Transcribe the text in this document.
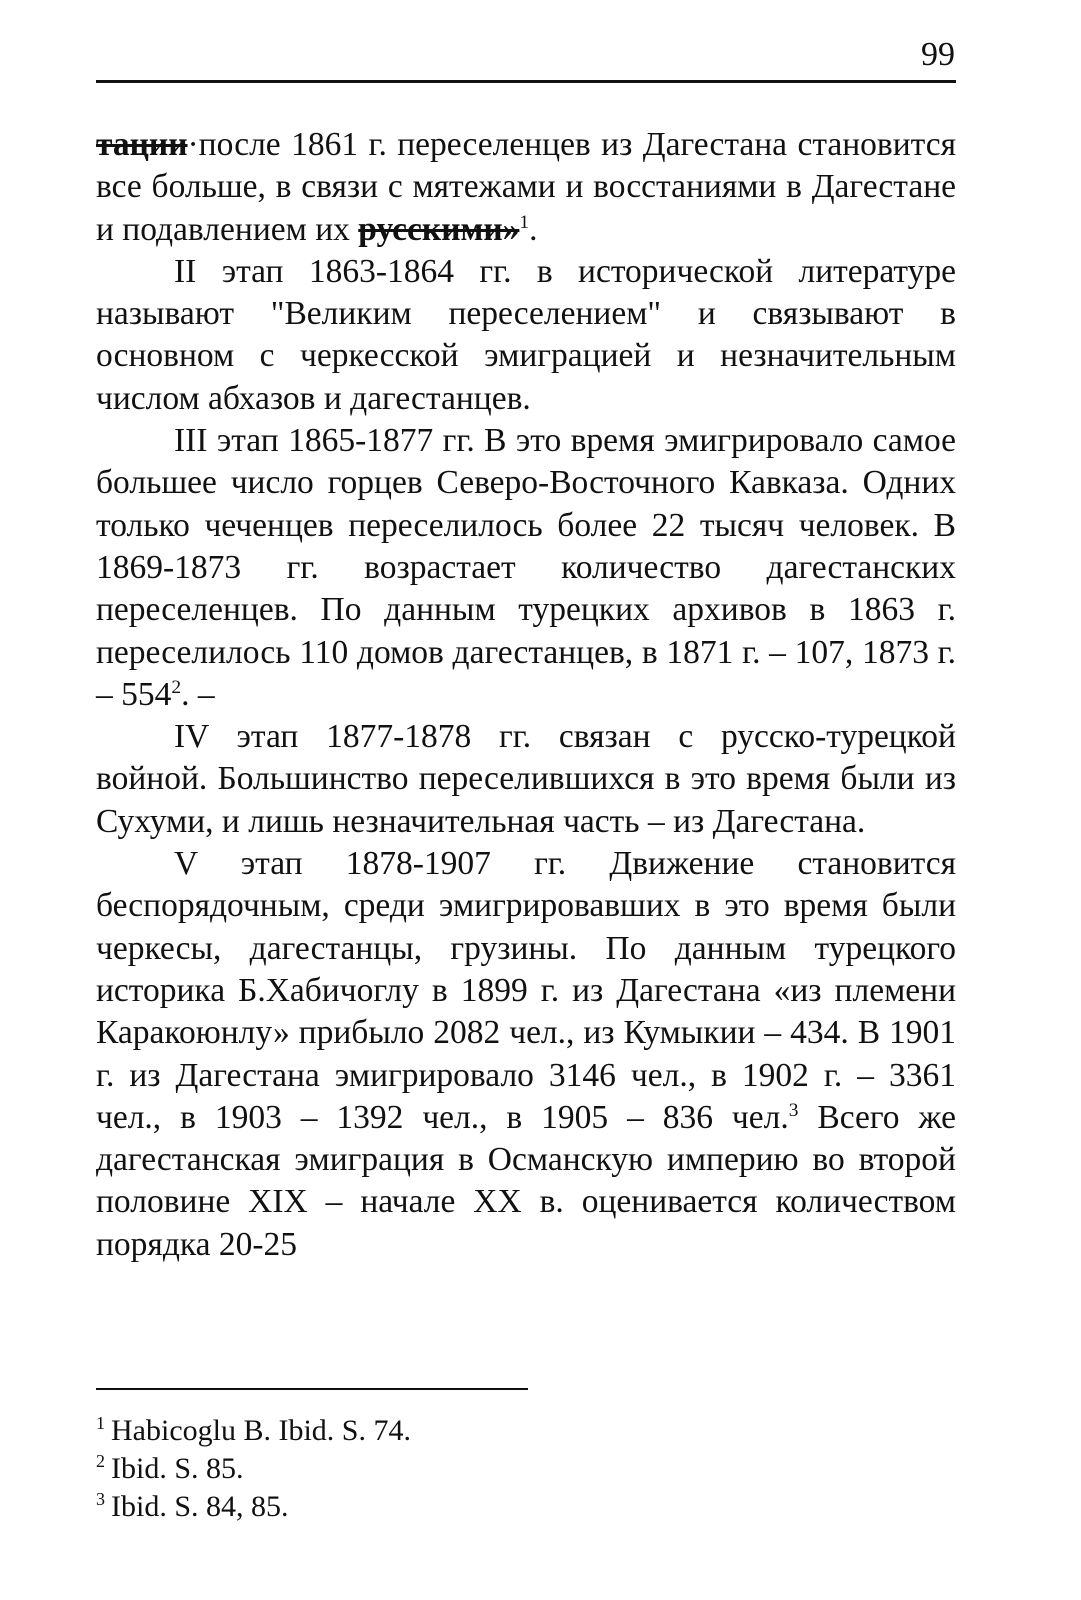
99

тации·после 1861 г. переселенцев из Дагестана становится все больше, в связи с мятежами и восстаниями в Дагестане и подавлением их русскими»$^1$.

II этап 1863-1864 гг. в исторической литературе называют "Великим переселением" и связывают в основном с черкесской эмиграцией и незначительным числом абхазов и дагестанцев.

III этап 1865-1877 гг. В это время эмигрировало самое большее число горцев Северо-Восточного Кавказа. Одних только чеченцев переселилось более 22 тысяч человек. В 1869-1873 гг. возрастает количество дагестанских переселенцев. По данным турецких архивов в 1863 г. переселилось 110 домов дагестанцев, в 1871 г. – 107, 1873 г. – $554^2$. –

IV этап 1877-1878 гг. связан с русско-турецкой войной. Большинство переселившихся в это время были из Сухуми, и лишь незначительная часть – из Дагестана.

V этап 1878-1907 гг. Движение становится беспорядочным, среди эмигрировавших в это время были черкесы, дагестанцы, грузины. По данным турецкого историка Б.Хабичоглу в 1899 г. из Дагестана «из племени Каракоюнлу» прибыло 2082 чел., из Кумыкии – 434. В 1901 г. из Дагестана эмигрировало 3146 чел., в 1902 г. – 3361 чел., в 1903 – 1392 чел., в 1905 – 836 чел.$^3$ Всего же дагестанская эмиграция в Османскую империю во второй половине XIX – начале XX в. оценивается количеством порядка 20-25

$^1$ Habicoglu B. Ibid. S. 74.

$^2$ Ibid. S. 85.

$^3$ Ibid. S. 84, 85.
